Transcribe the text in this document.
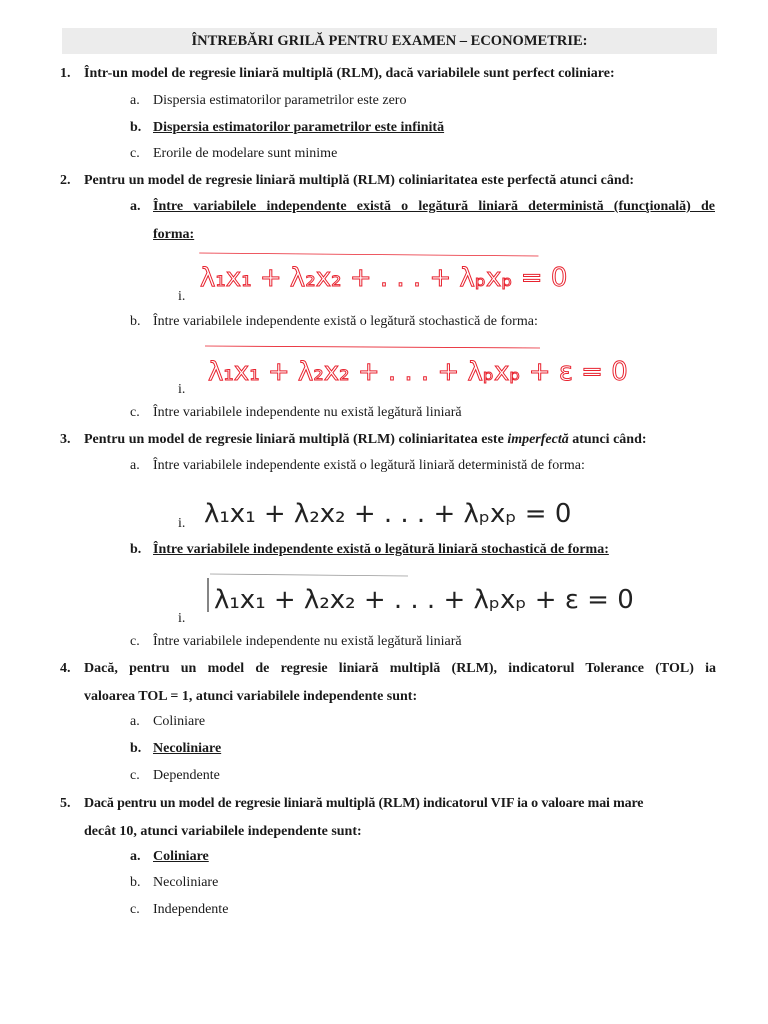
ÎNTREBĂRI GRILĂ PENTRU EXAMEN – ECONOMETRIE:
1. Într-un model de regresie liniară multiplă (RLM), dacă variabilele sunt perfect coliniare:
a. Dispersia estimatorilor parametrilor este zero
b. Dispersia estimatorilor parametrilor este infinită
c. Erorile de modelare sunt minime
2. Pentru un model de regresie liniară multiplă (RLM) coliniaritatea este perfectă atunci când:
a. Între variabilele independente există o legătură liniară deterministă (funcţională) de
forma:
i.
λ₁x₁ + λ₂x₂ + . . . + λₚxₚ = 0
b. Între variabilele independente există o legătură stochastică de forma:
i.
λ₁x₁ + λ₂x₂ + . . . + λₚxₚ + ε = 0
c. Între variabilele independente nu există legătură liniară
3. Pentru un model de regresie liniară multiplă (RLM) coliniaritatea este imperfectă atunci când:
a. Între variabilele independente există o legătură liniară deterministă de forma:
i. λ₁x₁ + λ₂x₂ + . . . + λₚxₚ = 0
b. Între variabilele independente există o legătură liniară stochastică de forma:
i.
λ₁x₁ + λ₂x₂ + . . . + λₚxₚ + ε = 0
c. Între variabilele independente nu există legătură liniară
4. Dacă, pentru un model de regresie liniară multiplă (RLM), indicatorul Tolerance (TOL) ia
valoarea TOL = 1, atunci variabilele independente sunt:
a. Coliniare
b. Necoliniare
c. Dependente
5. Dacă pentru un model de regresie liniară multiplă (RLM) indicatorul VIF ia o valoare mai mare
decât 10, atunci variabilele independente sunt:
a. Coliniare
b. Necoliniare
c. Independente
